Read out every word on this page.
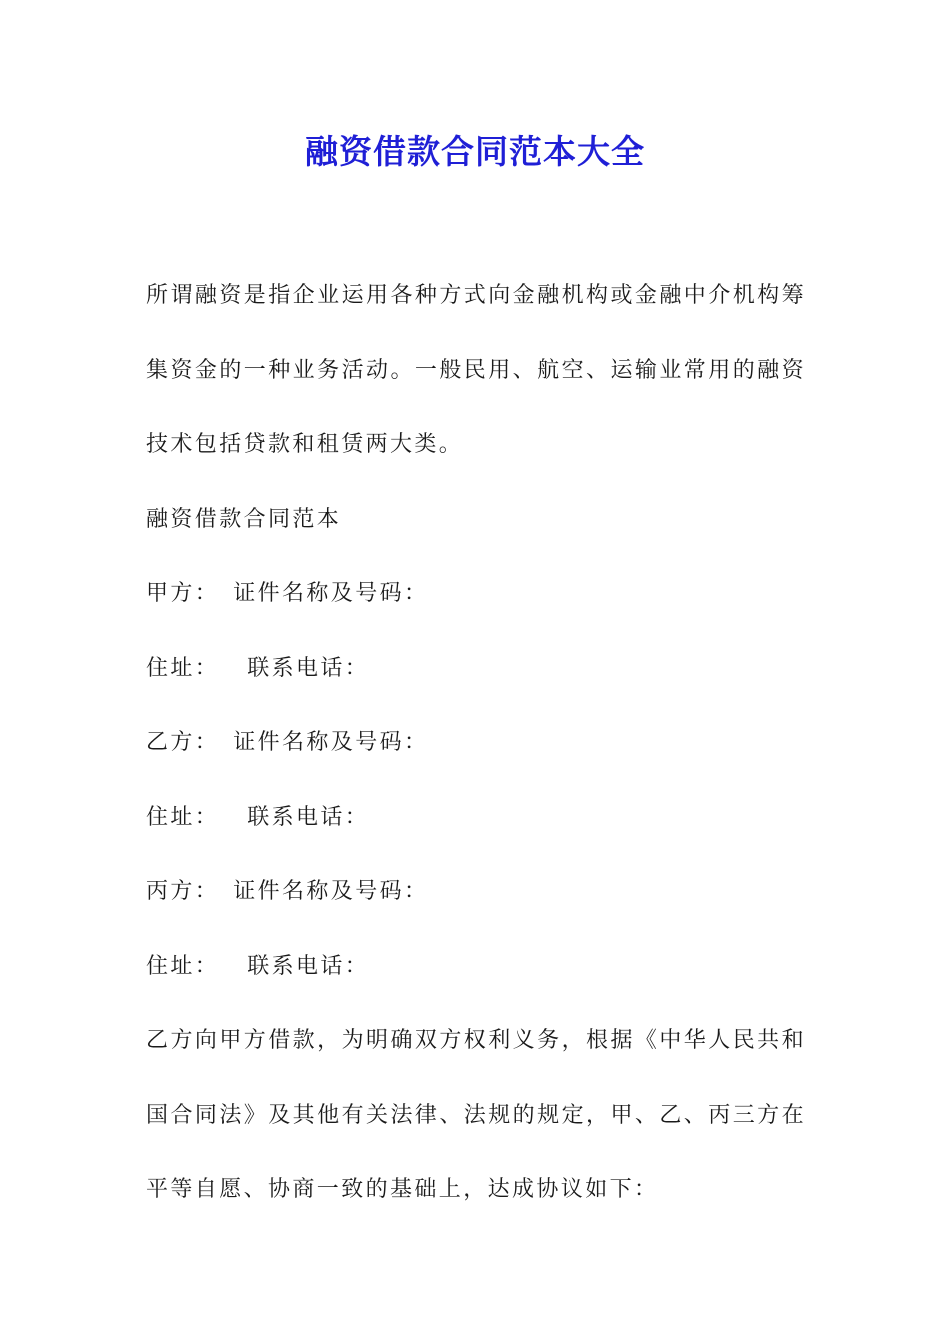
融资借款合同范本大全

所谓融资是指企业运用各种方式向金融机构或金融中介机构筹集资金的一种业务活动。一般民用、航空、运输业常用的融资技术包括贷款和租赁两大类。

融资借款合同范本

甲方： 证件名称及号码：

住址： 联系电话：

乙方： 证件名称及号码：

住址： 联系电话：

丙方： 证件名称及号码：

住址： 联系电话：

乙方向甲方借款，为明确双方权利义务，根据《中华人民共和国合同法》及其他有关法律、法规的规定，甲、乙、丙三方在平等自愿、协商一致的基础上，达成协议如下：
